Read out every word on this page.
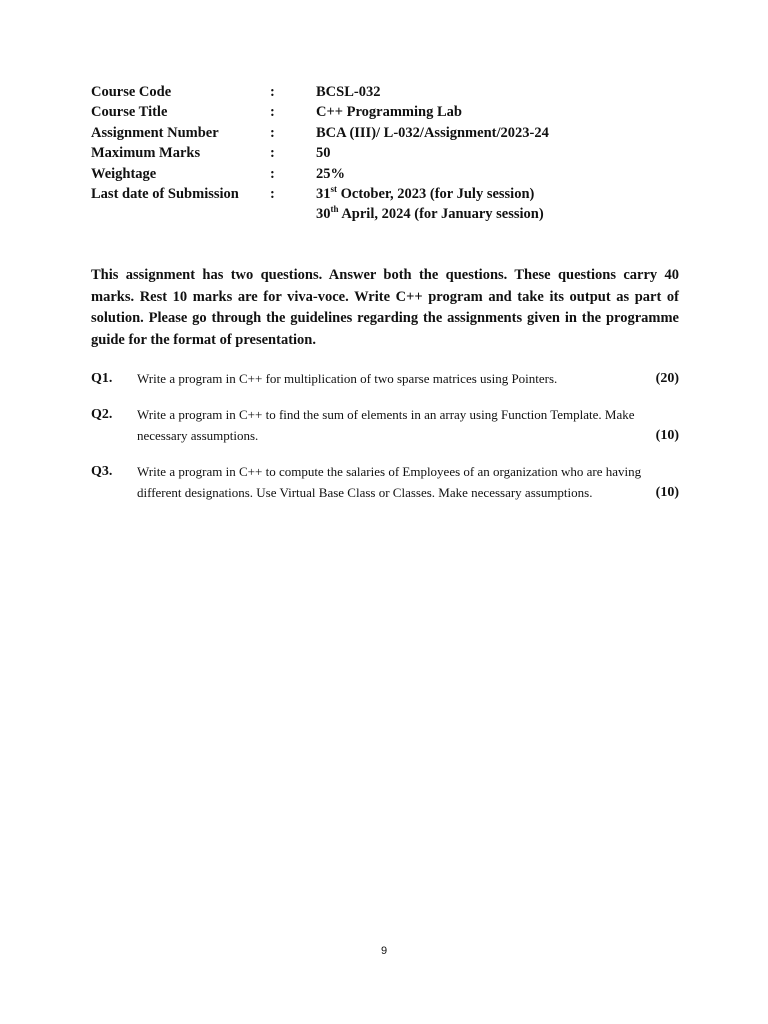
Course Code	:	BCSL-032
Course Title	:	C++ Programming Lab
Assignment Number	:	BCA (III)/ L-032/Assignment/2023-24
Maximum Marks	:	50
Weightage	:	25%
Last date of Submission	:	31st October, 2023 (for July session)
30th April, 2024 (for January session)
This assignment has two questions. Answer both the questions. These questions carry 40 marks. Rest 10 marks are for viva-voce. Write C++ program and take its output as part of solution. Please go through the guidelines regarding the assignments given in the programme guide for the format of presentation.
Q1. Write a program in C++ for multiplication of two sparse matrices using Pointers.	(20)
Q2. Write a program in C++ to find the sum of elements in an array using Function Template. Make
necessary assumptions.	(10)
Q3. Write a program in C++ to compute the salaries of Employees of an organization who are having
different designations. Use Virtual Base Class or Classes. Make necessary assumptions.	(10)
9
